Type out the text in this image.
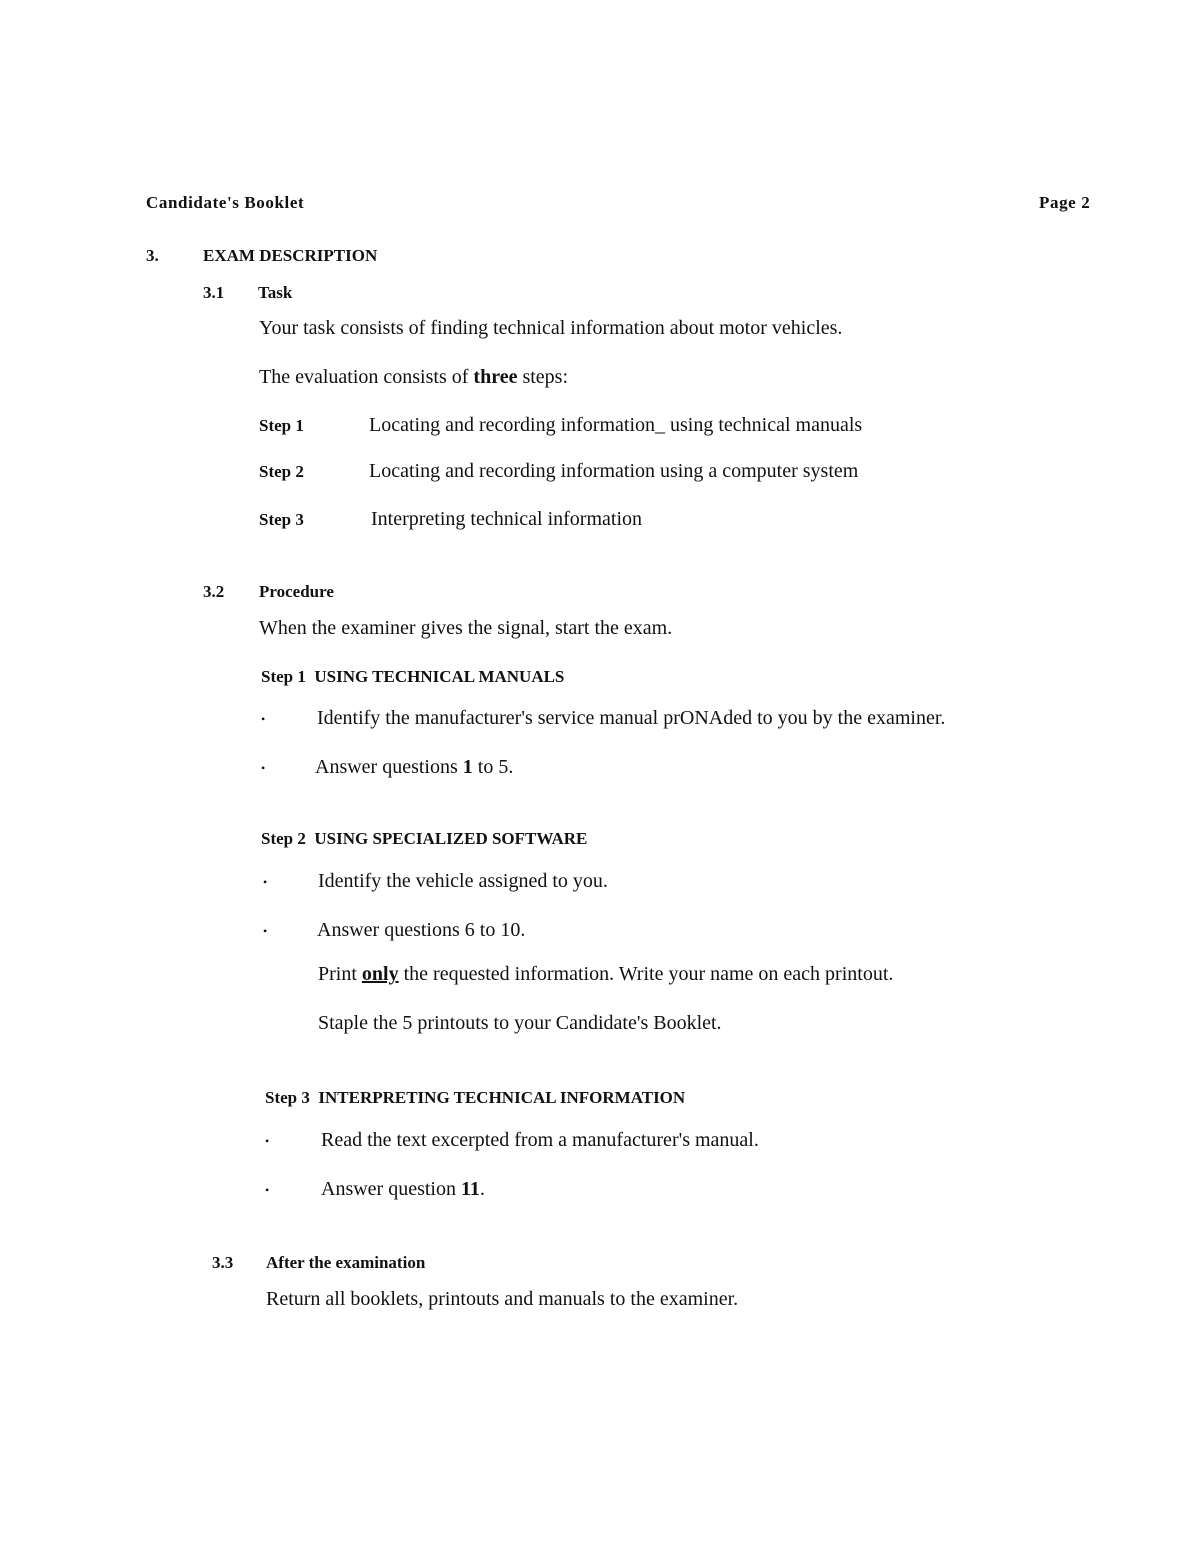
Candidate's Booklet	Page 2
3.	EXAM DESCRIPTION
3.1 Task
Your task consists of finding technical information about motor vehicles.
The evaluation consists of three steps:
Step 1	Locating and recording information_ using technical manuals
Step 2	Locating and recording information using a computer system
Step 3	Interpreting technical information
3.2 Procedure
When the examiner gives the signal, start the exam.
Step 1 USING TECHNICAL MANUALS
•	Identify the manufacturer's service manual prONAded to you by the examiner.
• Answer questions 1 to 5.
Step 2 USING SPECIALIZED SOFTWARE
•	Identify the vehicle assigned to you.
• Answer questions 6 to 10.
Print only the requested information. Write your name on each printout.
Staple the 5 printouts to your Candidate's Booklet.
Step 3 INTERPRETING TECHNICAL INFORMATION
•	Read the text excerpted from a manufacturer's manual.
•	Answer question 11.
3.3 After the examination
Return all booklets, printouts and manuals to the examiner.
